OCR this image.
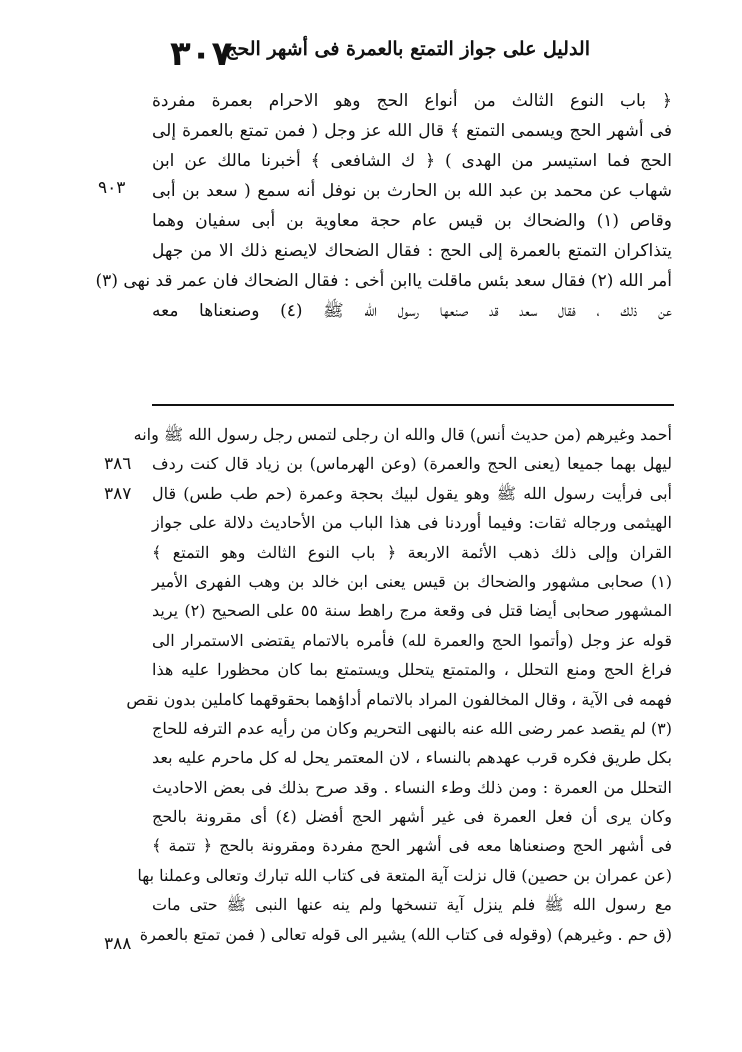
٣٠٧
الدليل على جواز التمتع بالعمرة فى أشهر الحج
٩٠٣
﴿ باب النوع الثالث من أنواع الحج وهو الاحرام بعمرة مفردة
فى أشهر الحج ويسمى التمتع ﴾ قال الله عز وجل ( فمن تمتع بالعمرة إلى
الحج فما استيسر من الهدى ) ﴿ ك الشافعى ﴾ أخبرنا مالك عن ابن
شهاب عن محمد بن عبد الله بن الحارث بن نوفل أنه سمع ( سعد بن أبى
وقاص (١) والضحاك بن قيس عام حجة معاوية بن أبى سفيان وهما
يتذاكران التمتع بالعمرة إلى الحج : فقال الضحاك لايصنع ذلك الا من جهل
أمر الله (٢) فقال سعد بئس ماقلت ياابن أخى : فقال الضحاك فان عمر قد نهى (٣)
عن ذلك ، فقال سعد قد صنعها رسول الله ﷺ (٤) وصنعناها معه
٣٨٦
٣٨٧
٣٨٨
أحمد وغيرهم (من حديث أنس) قال والله ان رجلى لتمس رجل رسول الله ﷺ وانه
ليهل بهما جميعا (يعنى الحج والعمرة) (وعن الهرماس) بن زياد قال كنت ردف
أبى فرأيت رسول الله ﷺ وهو يقول لبيك بحجة وعمرة (حم طب طس) قال
الهيثمى ورجاله ثقات: وفيما أوردنا فى هذا الباب من الأحاديث دلالة على جواز
القران وإلى ذلك ذهب الأئمة الاربعة ﴿ باب النوع الثالث وهو التمتع ﴾
(١) صحابى مشهور والضحاك بن قيس يعنى ابن خالد بن وهب الفهرى الأمير
المشهور صحابى أيضا قتل فى وقعة مرج راهط سنة ٥٥ على الصحيح (٢) يريد
قوله عز وجل (وأتموا الحج والعمرة لله) فأمره بالاتمام يقتضى الاستمرار الى
فراغ الحج ومنع التحلل ، والمتمتع يتحلل ويستمتع بما كان محظورا عليه هذا
فهمه فى الآية ، وقال المخالفون المراد بالاتمام أداؤهما بحقوقهما كاملين بدون نقص
(٣) لم يقصد عمر رضى الله عنه بالنهى التحريم وكان من رأيه عدم الترفه للحاج
بكل طريق فكره قرب عهدهم بالنساء ، لان المعتمر يحل له كل ماحرم عليه بعد
التحلل من العمرة : ومن ذلك وطء النساء . وقد صرح بذلك فى بعض الاحاديث
وكان يرى أن فعل العمرة فى غير أشهر الحج أفضل (٤) أى مقرونة بالحج
فى أشهر الحج وصنعناها معه فى أشهر الحج مفردة ومقرونة بالحج ﴿ تتمة ﴾
(عن عمران بن حصين) قال نزلت آية المتعة فى كتاب الله تبارك وتعالى وعملنا بها
مع رسول الله ﷺ فلم ينزل آية تنسخها ولم ينه عنها النبى ﷺ حتى مات
(ق حم . وغيرهم) (وقوله فى كتاب الله) يشير الى قوله تعالى ( فمن تمتع بالعمرة
